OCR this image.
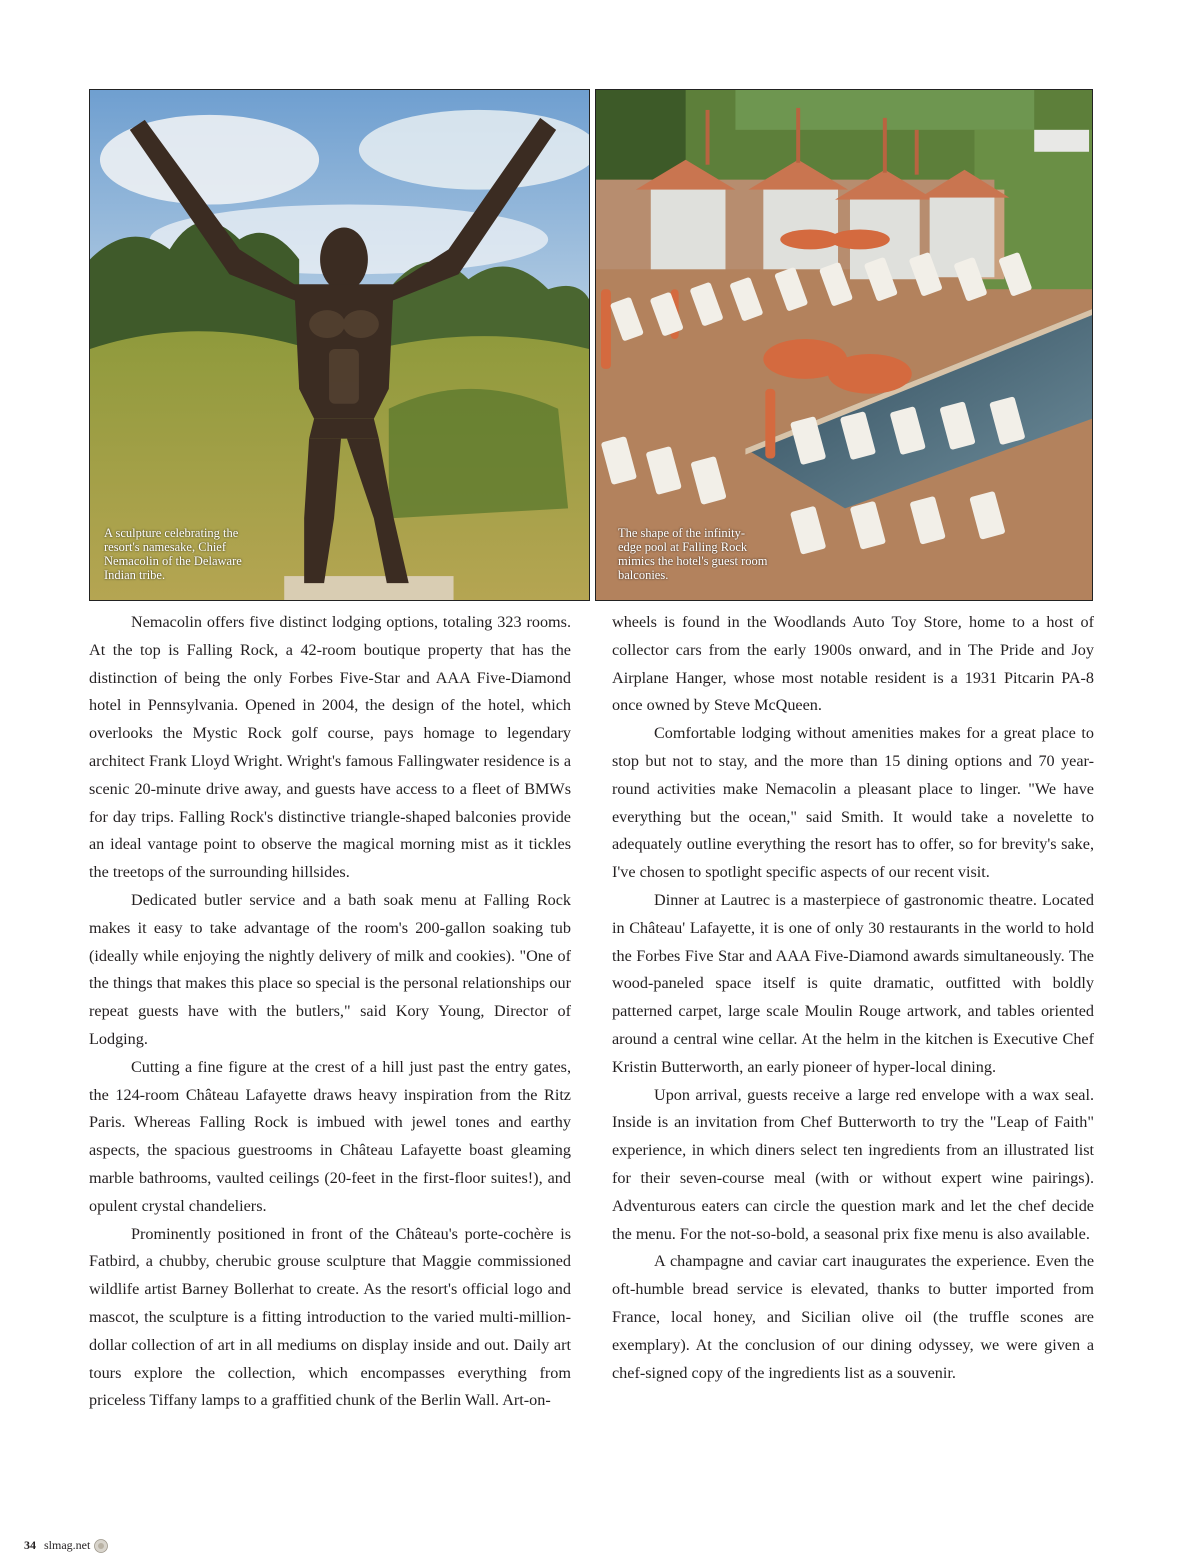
A sculpture celebrating the resort's namesake, Chief Nemacolin of the Delaware Indian tribe.
The shape of the infinity-edge pool at Falling Rock mimics the hotel's guest room balconies.

Nemacolin offers five distinct lodging options, totaling 323 rooms. At the top is Falling Rock, a 42-room boutique property that has the distinction of being the only Forbes Five-Star and AAA Five-Diamond hotel in Pennsylvania. Opened in 2004, the design of the hotel, which overlooks the Mystic Rock golf course, pays homage to legendary architect Frank Lloyd Wright. Wright's famous Fallingwater residence is a scenic 20-minute drive away, and guests have access to a fleet of BMWs for day trips. Falling Rock's distinctive triangle-shaped balconies provide an ideal vantage point to observe the magical morning mist as it tickles the treetops of the surrounding hillsides.

Dedicated butler service and a bath soak menu at Falling Rock makes it easy to take advantage of the room's 200-gallon soaking tub (ideally while enjoying the nightly delivery of milk and cookies). "One of the things that makes this place so special is the personal relationships our repeat guests have with the butlers," said Kory Young, Director of Lodging.

Cutting a fine figure at the crest of a hill just past the entry gates, the 124-room Château Lafayette draws heavy inspiration from the Ritz Paris. Whereas Falling Rock is imbued with jewel tones and earthy aspects, the spacious guestrooms in Château Lafayette boast gleaming marble bathrooms, vaulted ceilings (20-feet in the first-floor suites!), and opulent crystal chandeliers.

Prominently positioned in front of the Château's porte-cochère is Fatbird, a chubby, cherubic grouse sculpture that Maggie commissioned wildlife artist Barney Bollerhat to create. As the resort's official logo and mascot, the sculpture is a fitting introduction to the varied multi-million-dollar collection of art in all mediums on display inside and out. Daily art tours explore the collection, which encompasses everything from priceless Tiffany lamps to a graffitied chunk of the Berlin Wall. Art-on-

wheels is found in the Woodlands Auto Toy Store, home to a host of collector cars from the early 1900s onward, and in The Pride and Joy Airplane Hanger, whose most notable resident is a 1931 Pitcarin PA-8 once owned by Steve McQueen.

Comfortable lodging without amenities makes for a great place to stop but not to stay, and the more than 15 dining options and 70 year-round activities make Nemacolin a pleasant place to linger. "We have everything but the ocean," said Smith. It would take a novelette to adequately outline everything the resort has to offer, so for brevity's sake, I've chosen to spotlight specific aspects of our recent visit.

Dinner at Lautrec is a masterpiece of gastronomic theatre. Located in Château' Lafayette, it is one of only 30 restaurants in the world to hold the Forbes Five Star and AAA Five-Diamond awards simultaneously. The wood-paneled space itself is quite dramatic, outfitted with boldly patterned carpet, large scale Moulin Rouge artwork, and tables oriented around a central wine cellar. At the helm in the kitchen is Executive Chef Kristin Butterworth, an early pioneer of hyper-local dining.

Upon arrival, guests receive a large red envelope with a wax seal. Inside is an invitation from Chef Butterworth to try the "Leap of Faith" experience, in which diners select ten ingredients from an illustrated list for their seven-course meal (with or without expert wine pairings). Adventurous eaters can circle the question mark and let the chef decide the menu. For the not-so-bold, a seasonal prix fixe menu is also available.

A champagne and caviar cart inaugurates the experience. Even the oft-humble bread service is elevated, thanks to butter imported from France, local honey, and Sicilian olive oil (the truffle scones are exemplary). At the conclusion of our dining odyssey, we were given a chef-signed copy of the ingredients list as a souvenir.

34 slmag.net
